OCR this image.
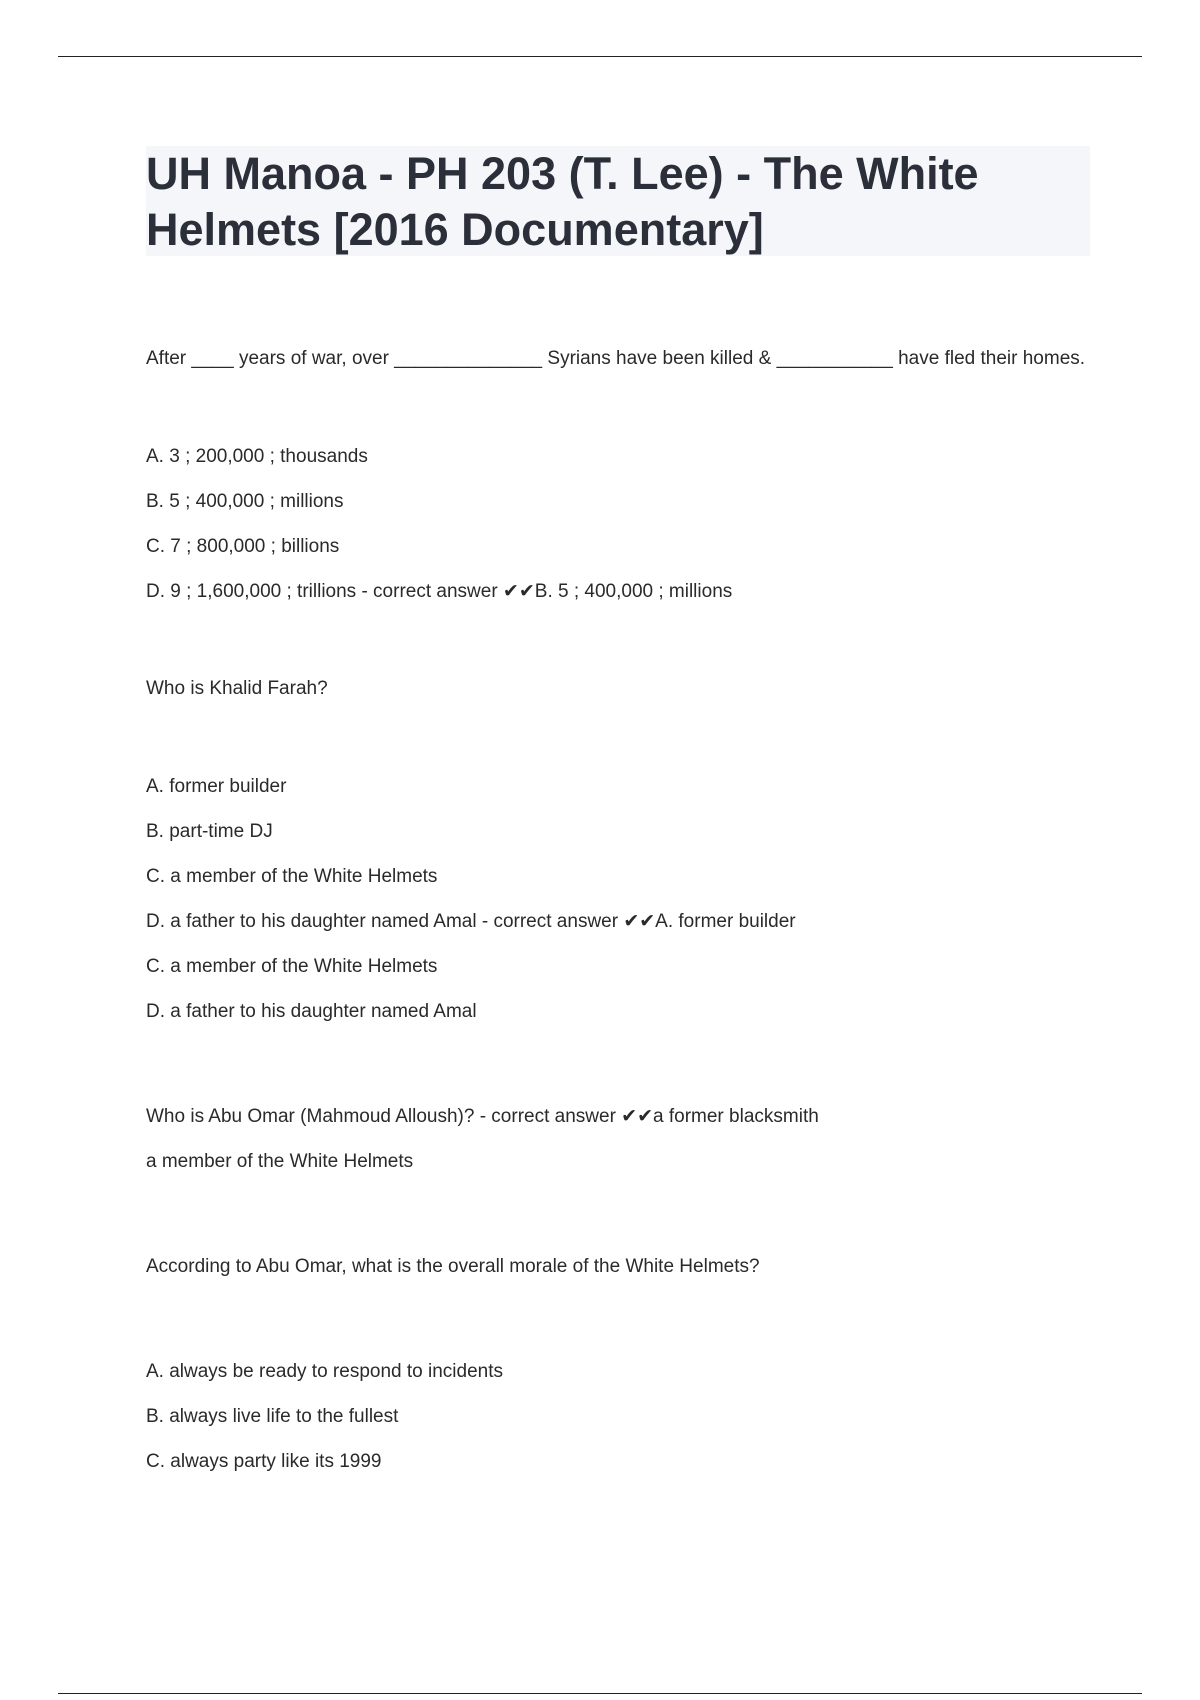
UH Manoa - PH 203 (T. Lee) - The White Helmets [2016 Documentary]

After ____ years of war, over ______________ Syrians have been killed & ___________ have fled their homes.

A. 3 ; 200,000 ; thousands

B. 5 ; 400,000 ; millions

C. 7 ; 800,000 ; billions

D. 9 ; 1,600,000 ; trillions - correct answer ✔✔B. 5 ; 400,000 ; millions

Who is Khalid Farah?

A. former builder

B. part-time DJ

C. a member of the White Helmets

D. a father to his daughter named Amal - correct answer ✔✔A. former builder

C. a member of the White Helmets

D. a father to his daughter named Amal

Who is Abu Omar (Mahmoud Alloush)? - correct answer ✔✔a former blacksmith

a member of the White Helmets

According to Abu Omar, what is the overall morale of the White Helmets?

A. always be ready to respond to incidents

B. always live life to the fullest

C. always party like its 1999
